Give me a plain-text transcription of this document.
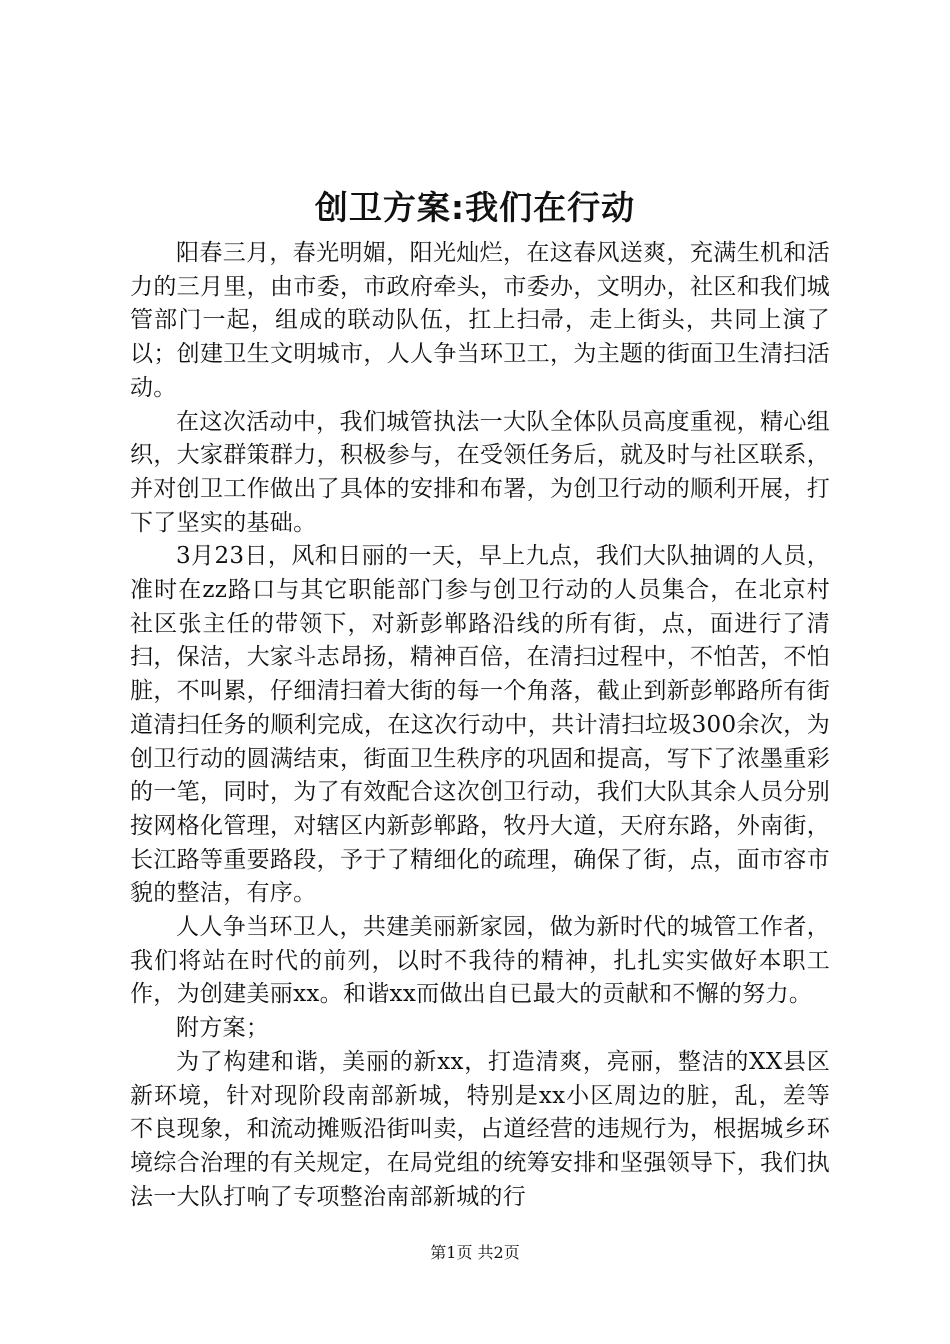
创卫方案:我们在行动

阳春三月，春光明媚，阳光灿烂，在这春风送爽，充满生机和活力的三月里，由市委，市政府牵头，市委办，文明办，社区和我们城管部门一起，组成的联动队伍，扛上扫帚，走上街头，共同上演了以；创建卫生文明城市，人人争当环卫工，为主题的街面卫生清扫活动。

在这次活动中，我们城管执法一大队全体队员高度重视，精心组织，大家群策群力，积极参与，在受领任务后，就及时与社区联系，并对创卫工作做出了具体的安排和布署，为创卫行动的顺利开展，打下了坚实的基础。

3月23日，风和日丽的一天，早上九点，我们大队抽调的人员，准时在zz路口与其它职能部门参与创卫行动的人员集合，在北京村社区张主任的带领下，对新彭郸路沿线的所有街，点，面进行了清扫，保洁，大家斗志昂扬，精神百倍，在清扫过程中，不怕苦，不怕脏，不叫累，仔细清扫着大街的每一个角落，截止到新彭郸路所有街道清扫任务的顺利完成，在这次行动中，共计清扫垃圾300余次，为创卫行动的圆满结束，街面卫生秩序的巩固和提高，写下了浓墨重彩的一笔，同时，为了有效配合这次创卫行动，我们大队其余人员分别按网格化管理，对辖区内新彭郸路，牧丹大道，天府东路，外南街，长江路等重要路段，予于了精细化的疏理，确保了街，点，面市容市貌的整洁，有序。

人人争当环卫人，共建美丽新家园，做为新时代的城管工作者，我们将站在时代的前列，以时不我待的精神，扎扎实实做好本职工作，为创建美丽xx。和谐xx而做出自已最大的贡献和不懈的努力。

附方案；

为了构建和谐，美丽的新xx，打造清爽，亮丽，整洁的XX县区新环境，针对现阶段南部新城，特别是xx小区周边的脏，乱，差等不良现象，和流动摊贩沿街叫卖，占道经营的违规行为，根据城乡环境综合治理的有关规定，在局党组的统筹安排和坚强领导下，我们执法一大队打响了专项整治南部新城的行

第1页 共2页
